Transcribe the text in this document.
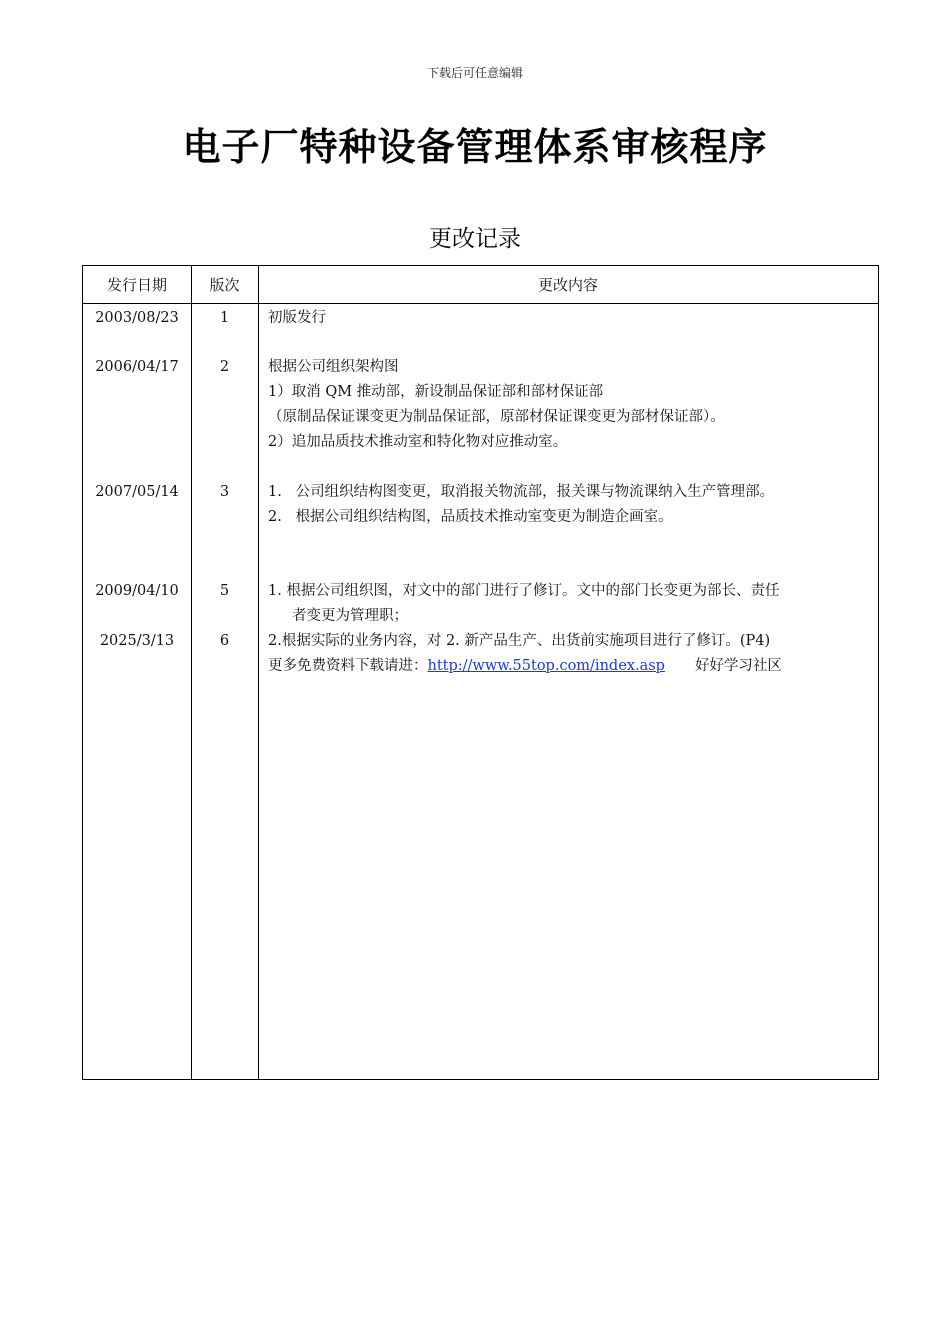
下载后可任意编辑
电子厂特种设备管理体系审核程序
更改记录
发行日期	版次	更改内容
2003/08/23	1	初版发行
2006/04/17	2	根据公司组织架构图
1）取消 QM 推动部，新设制品保证部和部材保证部
（原制品保证课变更为制品保证部，原部材保证课变更为部材保证部）。
2）追加品质技术推动室和特化物对应推动室。
2007/05/14	3	1.   公司组织结构图变更，取消报关物流部，报关课与物流课纳入生产管理部。
2.   根据公司组织结构图，品质技术推动室变更为制造企画室。
2009/04/10	5	1. 根据公司组织图，对文中的部门进行了修订。文中的部门长变更为部长、责任
者变更为管理职；
2025/3/13	6	2.根据实际的业务内容，对 2. 新产品生产、出货前实施项目进行了修订。(P4)
更多免费资料下载请进：http://www.55top.com/index.asp 好好学习社区
